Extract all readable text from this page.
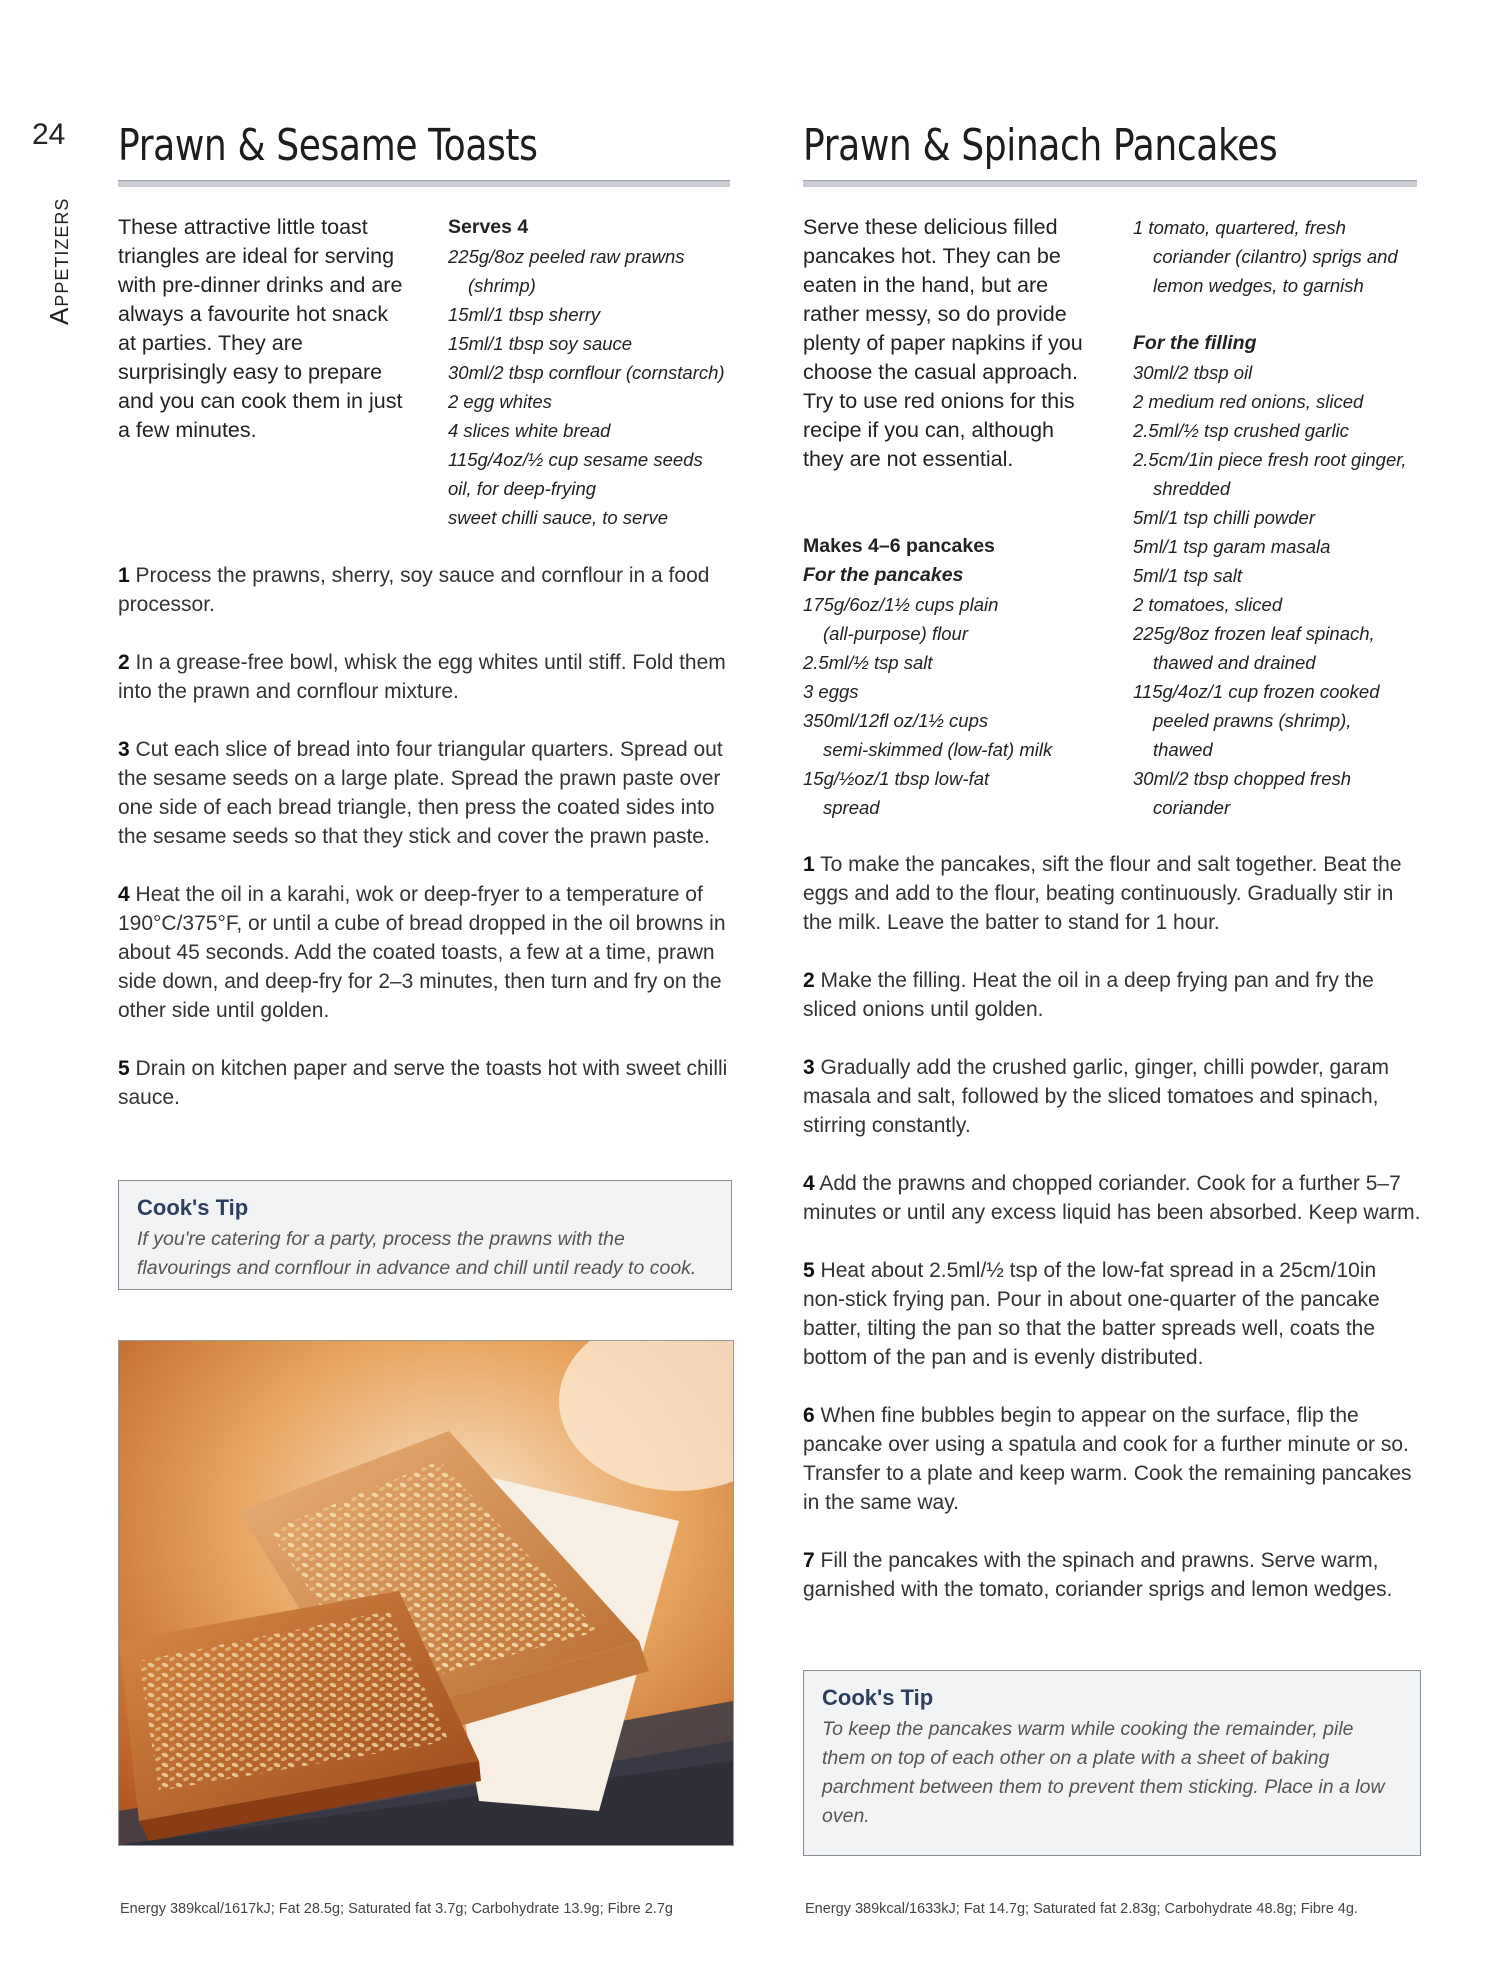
24
Appetizers
Prawn & Sesame Toasts
These attractive little toast triangles are ideal for serving with pre-dinner drinks and are always a favourite hot snack at parties. They are surprisingly easy to prepare and you can cook them in just a few minutes.
Serves 4
225g/8oz peeled raw prawns
(shrimp)
15ml/1 tbsp sherry
15ml/1 tbsp soy sauce
30ml/2 tbsp cornflour (cornstarch)
2 egg whites
4 slices white bread
115g/4oz/½ cup sesame seeds
oil, for deep-frying
sweet chilli sauce, to serve
1 Process the prawns, sherry, soy sauce and cornflour in a food processor.
2 In a grease-free bowl, whisk the egg whites until stiff. Fold them into the prawn and cornflour mixture.
3 Cut each slice of bread into four triangular quarters. Spread out the sesame seeds on a large plate. Spread the prawn paste over one side of each bread triangle, then press the coated sides into the sesame seeds so that they stick and cover the prawn paste.
4 Heat the oil in a karahi, wok or deep-fryer to a temperature of 190°C/375°F, or until a cube of bread dropped in the oil browns in about 45 seconds. Add the coated toasts, a few at a time, prawn side down, and deep-fry for 2–3 minutes, then turn and fry on the other side until golden.
5 Drain on kitchen paper and serve the toasts hot with sweet chilli sauce.
Cook's Tip
If you're catering for a party, process the prawns with the flavourings and cornflour in advance and chill until ready to cook.
Energy 389kcal/1617kJ; Fat 28.5g; Saturated fat 3.7g; Carbohydrate 13.9g; Fibre 2.7g
Prawn & Spinach Pancakes
Serve these delicious filled pancakes hot. They can be eaten in the hand, but are rather messy, so do provide plenty of paper napkins if you choose the casual approach. Try to use red onions for this recipe if you can, although they are not essential.
Makes 4–6 pancakes
For the pancakes
175g/6oz/1½ cups plain
(all-purpose) flour
2.5ml/½ tsp salt
3 eggs
350ml/12fl oz/1½ cups
semi-skimmed (low-fat) milk
15g/½oz/1 tbsp low-fat
spread
1 tomato, quartered, fresh
coriander (cilantro) sprigs and
lemon wedges, to garnish
For the filling
30ml/2 tbsp oil
2 medium red onions, sliced
2.5ml/½ tsp crushed garlic
2.5cm/1in piece fresh root ginger,
shredded
5ml/1 tsp chilli powder
5ml/1 tsp garam masala
5ml/1 tsp salt
2 tomatoes, sliced
225g/8oz frozen leaf spinach,
thawed and drained
115g/4oz/1 cup frozen cooked
peeled prawns (shrimp),
thawed
30ml/2 tbsp chopped fresh
coriander
1 To make the pancakes, sift the flour and salt together. Beat the eggs and add to the flour, beating continuously. Gradually stir in the milk. Leave the batter to stand for 1 hour.
2 Make the filling. Heat the oil in a deep frying pan and fry the sliced onions until golden.
3 Gradually add the crushed garlic, ginger, chilli powder, garam masala and salt, followed by the sliced tomatoes and spinach, stirring constantly.
4 Add the prawns and chopped coriander. Cook for a further 5–7 minutes or until any excess liquid has been absorbed. Keep warm.
5 Heat about 2.5ml/½ tsp of the low-fat spread in a 25cm/10in non-stick frying pan. Pour in about one-quarter of the pancake batter, tilting the pan so that the batter spreads well, coats the bottom of the pan and is evenly distributed.
6 When fine bubbles begin to appear on the surface, flip the pancake over using a spatula and cook for a further minute or so. Transfer to a plate and keep warm. Cook the remaining pancakes in the same way.
7 Fill the pancakes with the spinach and prawns. Serve warm, garnished with the tomato, coriander sprigs and lemon wedges.
Cook's Tip
To keep the pancakes warm while cooking the remainder, pile them on top of each other on a plate with a sheet of baking parchment between them to prevent them sticking. Place in a low oven.
Energy 389kcal/1633kJ; Fat 14.7g; Saturated fat 2.83g; Carbohydrate 48.8g; Fibre 4g.
